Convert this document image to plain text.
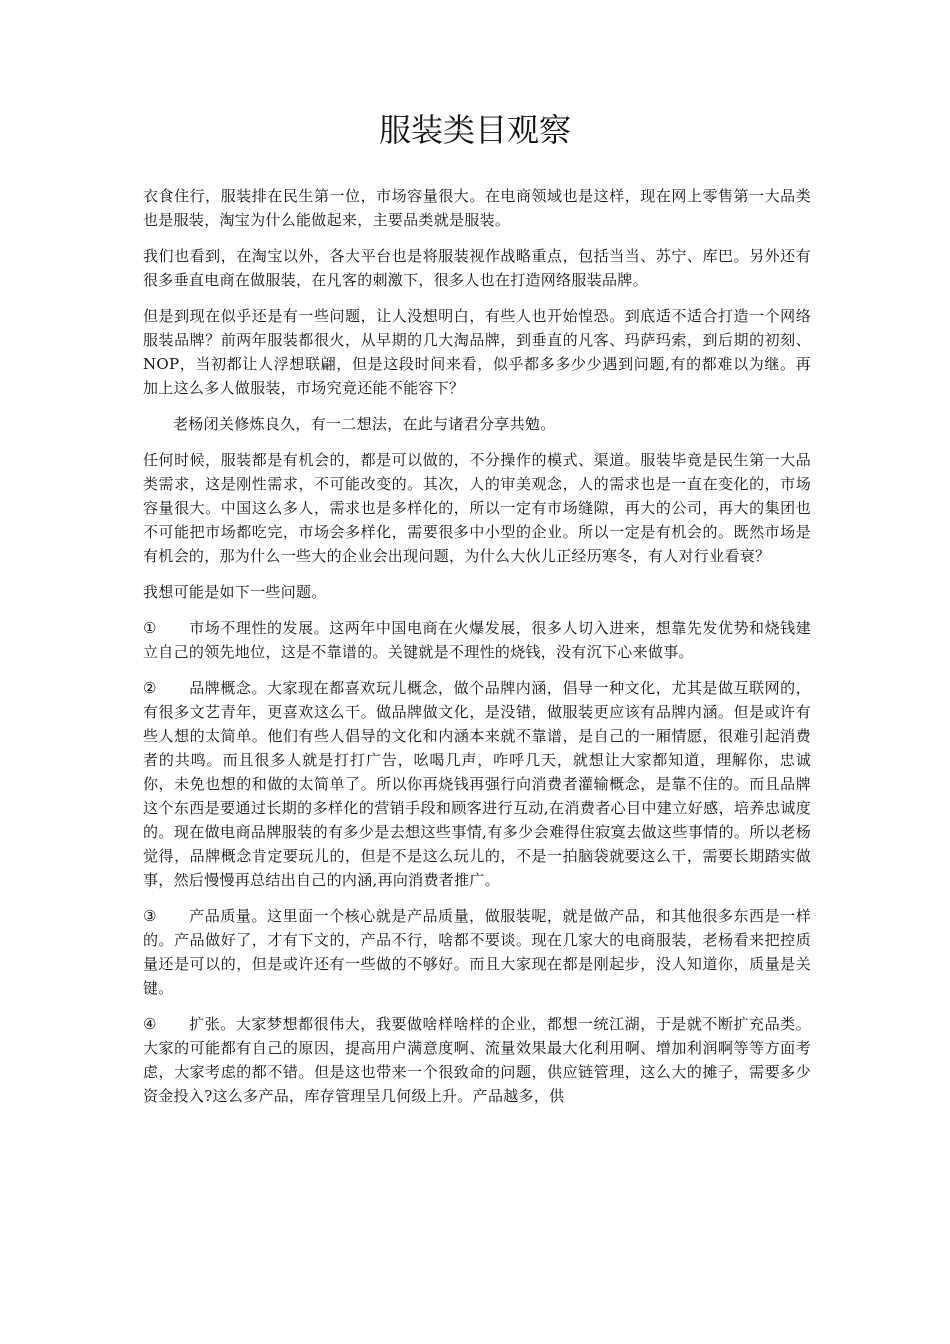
服装类目观察

衣食住行，服装排在民生第一位，市场容量很大。在电商领域也是这样，现在网上零售第一大品类也是服装，淘宝为什么能做起来，主要品类就是服装。

我们也看到，在淘宝以外，各大平台也是将服装视作战略重点，包括当当、苏宁、库巴。另外还有很多垂直电商在做服装，在凡客的刺激下，很多人也在打造网络服装品牌。

但是到现在似乎还是有一些问题，让人没想明白，有些人也开始惶恐。到底适不适合打造一个网络服装品牌？前两年服装都很火，从早期的几大淘品牌，到垂直的凡客、玛萨玛索，到后期的初刻、NOP，当初都让人浮想联翩，但是这段时间来看，似乎都多多少少遇到问题,有的都难以为继。再加上这么多人做服装，市场究竟还能不能容下？

老杨闭关修炼良久，有一二想法，在此与诸君分享共勉。

任何时候，服装都是有机会的，都是可以做的，不分操作的模式、渠道。服装毕竟是民生第一大品类需求，这是刚性需求，不可能改变的。其次，人的审美观念，人的需求也是一直在变化的，市场容量很大。中国这么多人，需求也是多样化的，所以一定有市场缝隙，再大的公司，再大的集团也不可能把市场都吃完，市场会多样化，需要很多中小型的企业。所以一定是有机会的。既然市场是有机会的，那为什么一些大的企业会出现问题，为什么大伙儿正经历寒冬，有人对行业看衰？

我想可能是如下一些问题。

① 市场不理性的发展。这两年中国电商在火爆发展，很多人切入进来，想靠先发优势和烧钱建立自己的领先地位，这是不靠谱的。关键就是不理性的烧钱，没有沉下心来做事。

② 品牌概念。大家现在都喜欢玩儿概念，做个品牌内涵，倡导一种文化，尤其是做互联网的，有很多文艺青年，更喜欢这么干。做品牌做文化，是没错，做服装更应该有品牌内涵。但是或许有些人想的太简单。他们有些人倡导的文化和内涵本来就不靠谱，是自己的一厢情愿，很难引起消费者的共鸣。而且很多人就是打打广告，吆喝几声，咋呼几天，就想让大家都知道，理解你，忠诚你，未免也想的和做的太简单了。所以你再烧钱再强行向消费者灌输概念，是靠不住的。而且品牌这个东西是要通过长期的多样化的营销手段和顾客进行互动,在消费者心目中建立好感，培养忠诚度的。现在做电商品牌服装的有多少是去想这些事情,有多少会难得住寂寞去做这些事情的。所以老杨觉得，品牌概念肯定要玩儿的，但是不是这么玩儿的，不是一拍脑袋就要这么干，需要长期踏实做事，然后慢慢再总结出自己的内涵,再向消费者推广。

③ 产品质量。这里面一个核心就是产品质量，做服装呢，就是做产品，和其他很多东西是一样的。产品做好了，才有下文的，产品不行，啥都不要谈。现在几家大的电商服装，老杨看来把控质量还是可以的，但是或许还有一些做的不够好。而且大家现在都是刚起步，没人知道你，质量是关键。

④ 扩张。大家梦想都很伟大，我要做啥样啥样的企业，都想一统江湖，于是就不断扩充品类。大家的可能都有自己的原因，提高用户满意度啊、流量效果最大化利用啊、增加利润啊等等方面考虑，大家考虑的都不错。但是这也带来一个很致命的问题，供应链管理，这么大的摊子，需要多少资金投入?这么多产品，库存管理呈几何级上升。产品越多，供
